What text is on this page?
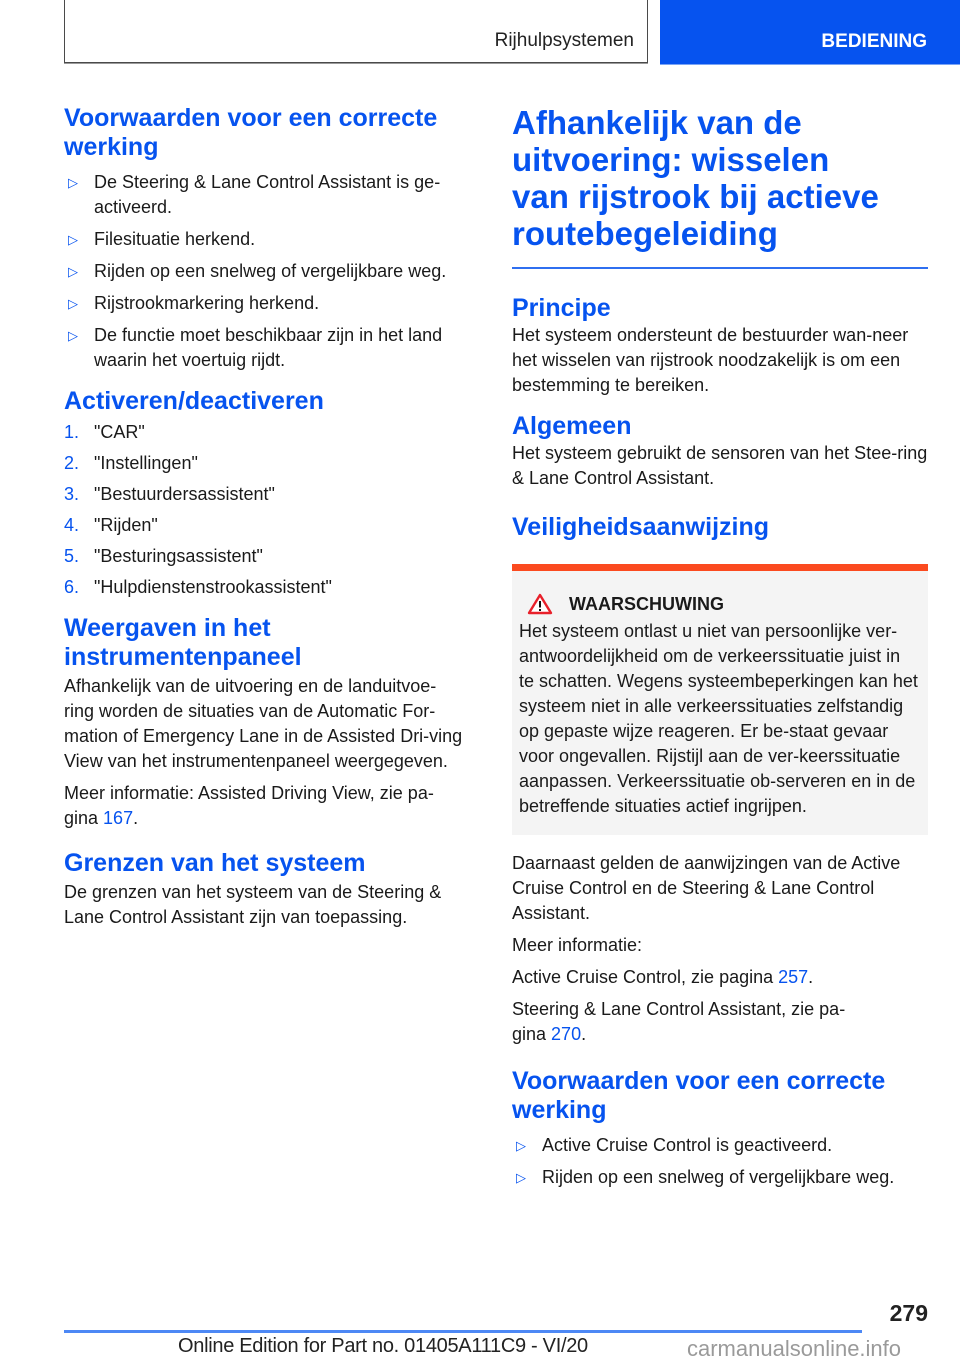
Rijhulpsystemen	BEDIENING
Voorwaarden voor een correcte werking
▷ De Steering & Lane Control Assistant is ge-activeerd.
▷ Filesituatie herkend.
▷ Rijden op een snelweg of vergelijkbare weg.
▷ Rijstrookmarkering herkend.
▷ De functie moet beschikbaar zijn in het land waarin het voertuig rijdt.
Activeren/deactiveren
1. "CAR"
2. "Instellingen"
3. "Bestuurdersassistent"
4. "Rijden"
5. "Besturingsassistent"
6. "Hulpdienstenstrookassistent"
Weergaven in het instrumentenpaneel

Afhankelijk van de uitvoering en de landuitvoe-ring worden de situaties van de Automatic For-mation of Emergency Lane in de Assisted Dri-ving View van het instrumentenpaneel weergegeven.

Meer informatie: Assisted Driving View, zie pa-gina 167.

Grenzen van het systeem

De grenzen van het systeem van de Steering & Lane Control Assistant zijn van toepassing.

Afhankelijk van de uitvoering: wisselen van rijstrook bij actieve routebegeleiding
Principe

Het systeem ondersteunt de bestuurder wan-neer het wisselen van rijstrook noodzakelijk is om een bestemming te bereiken.

Algemeen

Het systeem gebruikt de sensoren van het Stee-ring & Lane Control Assistant.

Veiligheidsaanwijzing
WAARSCHUWING

Het systeem ontlast u niet van persoonlijke ver-antwoordelijkheid om de verkeerssituatie juist in te schatten. Wegens systeembeperkingen kan het systeem niet in alle verkeerssituaties zelfstandig op gepaste wijze reageren. Er be-staat gevaar voor ongevallen. Rijstijl aan de ver-keerssituatie aanpassen. Verkeerssituatie ob-serveren en in de betreffende situaties actief ingrijpen.

Daarnaast gelden de aanwijzingen van de Active Cruise Control en de Steering & Lane Control Assistant.

Meer informatie:

Active Cruise Control, zie pagina 257.

Steering & Lane Control Assistant, zie pa-gina 270.

Voorwaarden voor een correcte werking
▷ Active Cruise Control is geactiveerd.
▷ Rijden op een snelweg of vergelijkbare weg.
279
Online Edition for Part no. 01405A111C9 - VI/20	carmanualsonline.info
